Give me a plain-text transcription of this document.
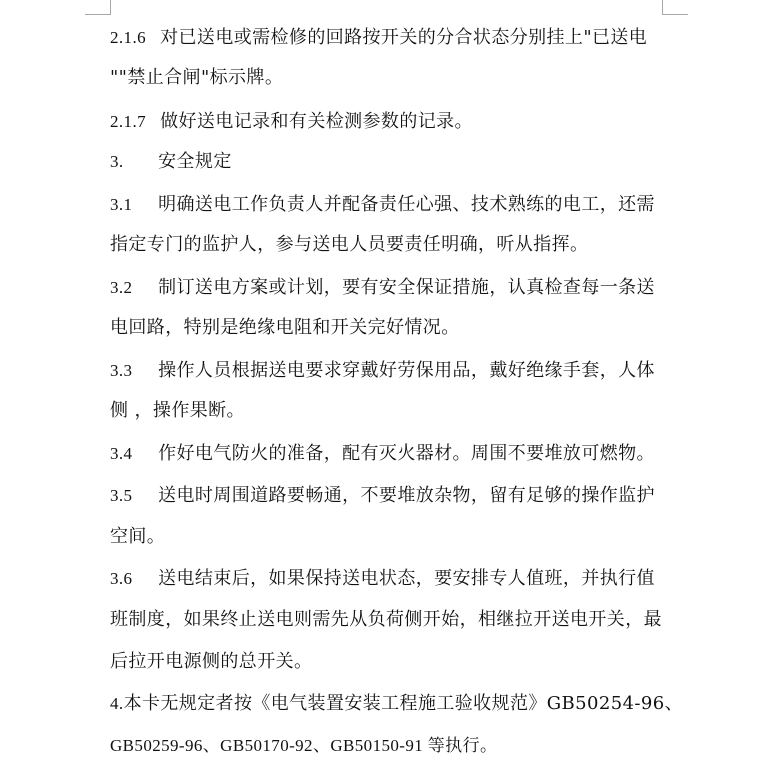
2.1.6 对已送电或需检修的回路按开关的分合状态分别挂上"已送电
""禁止合闸"标示牌。
2.1.7 做好送电记录和有关检测参数的记录。
3. 安全规定
3.1 明确送电工作负责人并配备责任心强、技术熟练的电工，还需
指定专门的监护人，参与送电人员要责任明确，听从指挥。
3.2 制订送电方案或计划，要有安全保证措施，认真检查每一条送
电回路，特别是绝缘电阻和开关完好情况。
3.3 操作人员根据送电要求穿戴好劳保用品，戴好绝缘手套，人体
侧 ，操作果断。
3.4 作好电气防火的准备，配有灭火器材。周围不要堆放可燃物。
3.5 送电时周围道路要畅通，不要堆放杂物，留有足够的操作监护
空间。
3.6 送电结束后，如果保持送电状态，要安排专人值班，并执行值
班制度，如果终止送电则需先从负荷侧开始，相继拉开送电开关，最
后拉开电源侧的总开关。
4.本卡无规定者按《电气装置安装工程施工验收规范》GB50254-96、
GB50259-96、GB50170-92、GB50150-91 等执行。
